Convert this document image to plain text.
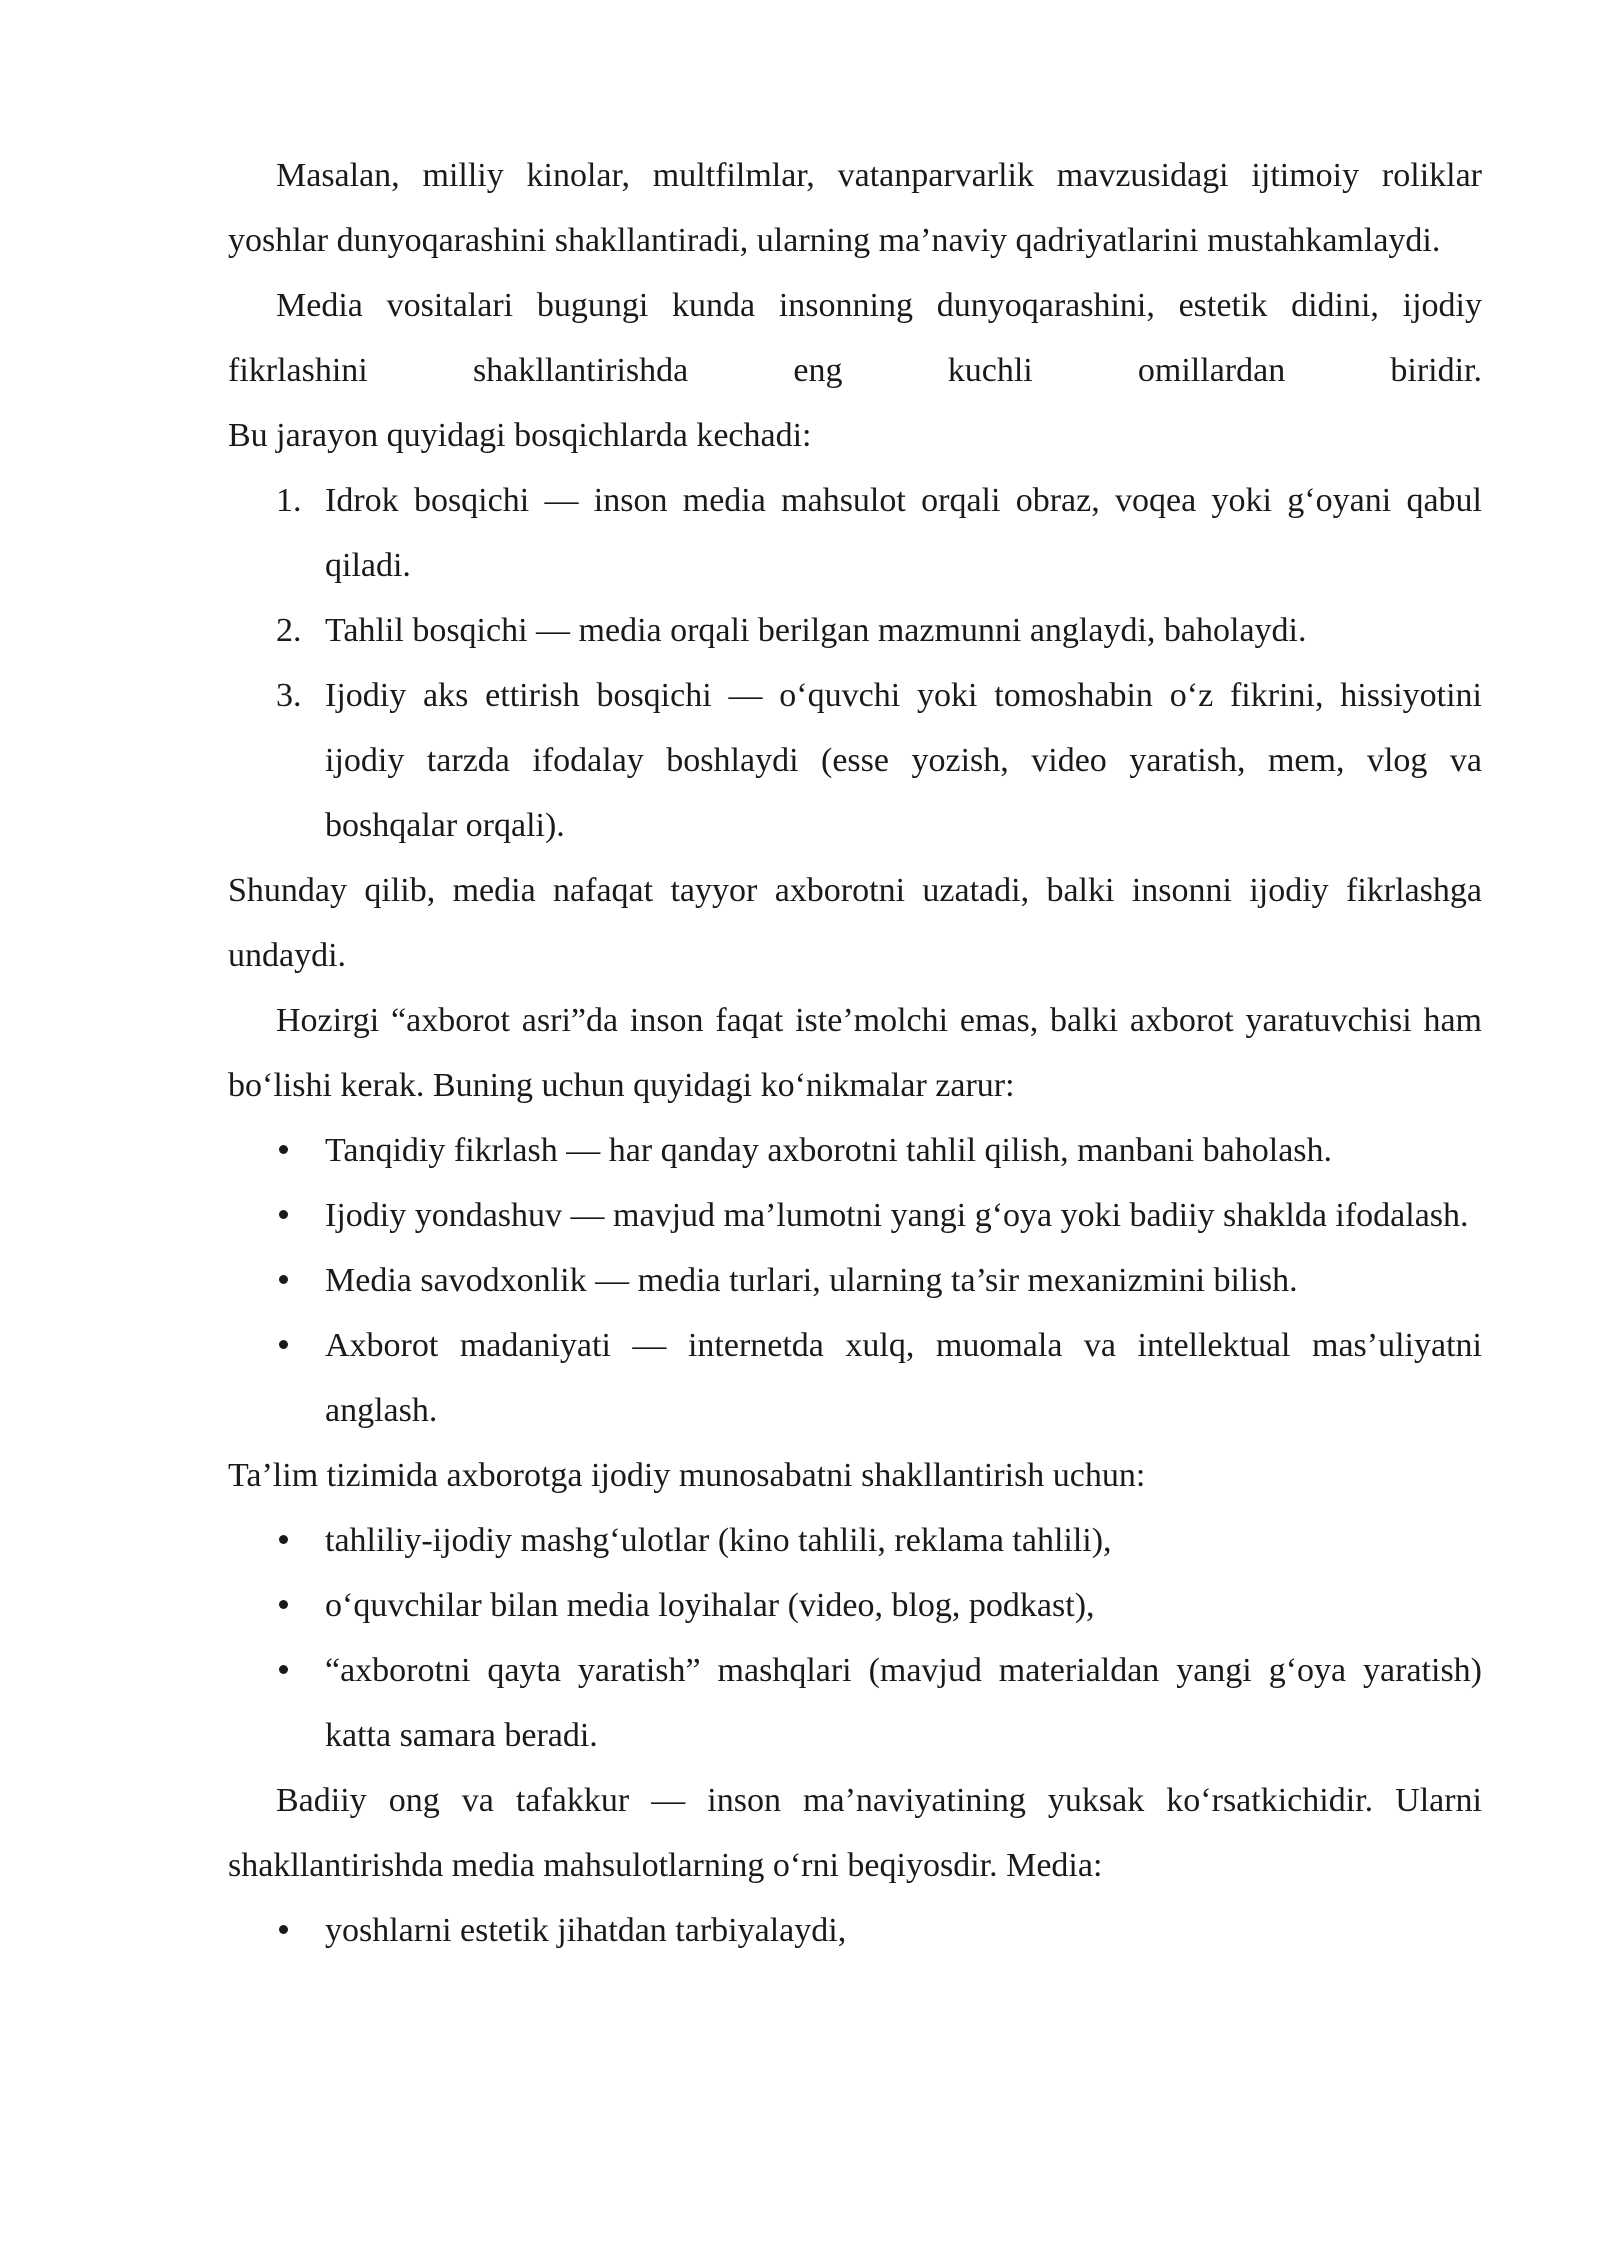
Masalan, milliy kinolar, multfilmlar, vatanparvarlik mavzusidagi ijtimoiy roliklar yoshlar dunyoqarashini shakllantiradi, ularning ma’naviy qadriyatlarini mustahkamlaydi.

Media vositalari bugungi kunda insonning dunyoqarashini, estetik didini, ijodiy

fikrlashini shakllantirishda eng kuchli omillardan biridir.

Bu jarayon quyidagi bosqichlarda kechadi:

1. Idrok bosqichi — inson media mahsulot orqali obraz, voqea yoki g‘oyani qabul qiladi.
2. Tahlil bosqichi — media orqali berilgan mazmunni anglaydi, baholaydi.
3. Ijodiy aks ettirish bosqichi — o‘quvchi yoki tomoshabin o‘z fikrini, hissiyotini ijodiy tarzda ifodalay boshlaydi (esse yozish, video yaratish, mem, vlog va boshqalar orqali).

Shunday qilib, media nafaqat tayyor axborotni uzatadi, balki insonni ijodiy fikrlashga undaydi.

Hozirgi “axborot asri”da inson faqat iste’molchi emas, balki axborot yaratuvchisi ham bo‘lishi kerak. Buning uchun quyidagi ko‘nikmalar zarur:

Tanqidiy fikrlash — har qanday axborotni tahlil qilish, manbani baholash.
Ijodiy yondashuv — mavjud ma’lumotni yangi g‘oya yoki badiiy shaklda ifodalash.
Media savodxonlik — media turlari, ularning ta’sir mexanizmini bilish.
Axborot madaniyati — internetda xulq, muomala va intellektual mas’uliyatni anglash.

Ta’lim tizimida axborotga ijodiy munosabatni shakllantirish uchun:

tahliliy-ijodiy mashg‘ulotlar (kino tahlili, reklama tahlili),
o‘quvchilar bilan media loyihalar (video, blog, podkast),
“axborotni qayta yaratish” mashqlari (mavjud materialdan yangi g‘oya yaratish) katta samara beradi.

Badiiy ong va tafakkur — inson ma’naviyatining yuksak ko‘rsatkichidir. Ularni shakllantirishda media mahsulotlarning o‘rni beqiyosdir. Media:

yoshlarni estetik jihatdan tarbiyalaydi,
